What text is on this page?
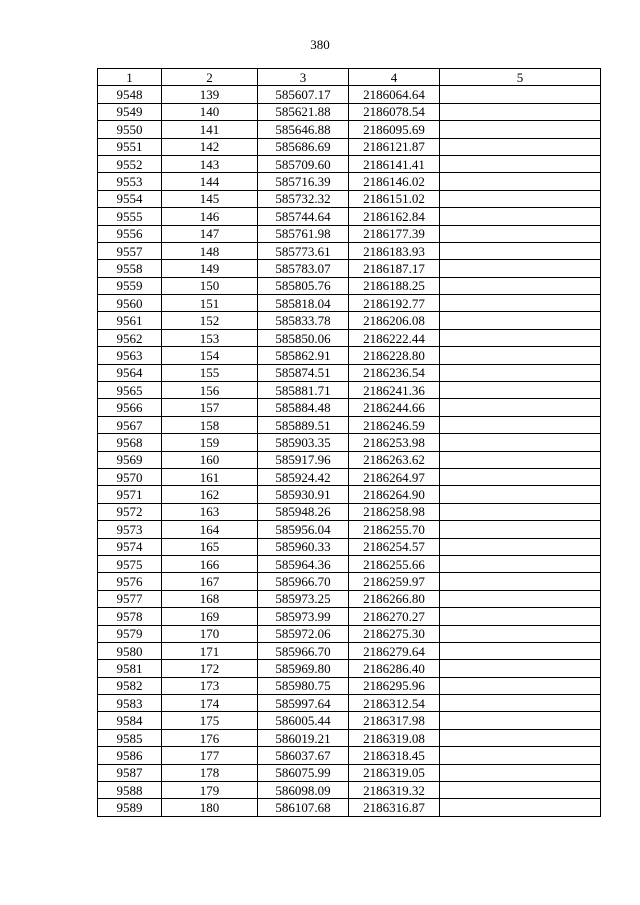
380
1	2	3	4	5
9548	139	585607.17	2186064.64	
9549	140	585621.88	2186078.54	
9550	141	585646.88	2186095.69	
9551	142	585686.69	2186121.87	
9552	143	585709.60	2186141.41	
9553	144	585716.39	2186146.02	
9554	145	585732.32	2186151.02	
9555	146	585744.64	2186162.84	
9556	147	585761.98	2186177.39	
9557	148	585773.61	2186183.93	
9558	149	585783.07	2186187.17	
9559	150	585805.76	2186188.25	
9560	151	585818.04	2186192.77	
9561	152	585833.78	2186206.08	
9562	153	585850.06	2186222.44	
9563	154	585862.91	2186228.80	
9564	155	585874.51	2186236.54	
9565	156	585881.71	2186241.36	
9566	157	585884.48	2186244.66	
9567	158	585889.51	2186246.59	
9568	159	585903.35	2186253.98	
9569	160	585917.96	2186263.62	
9570	161	585924.42	2186264.97	
9571	162	585930.91	2186264.90	
9572	163	585948.26	2186258.98	
9573	164	585956.04	2186255.70	
9574	165	585960.33	2186254.57	
9575	166	585964.36	2186255.66	
9576	167	585966.70	2186259.97	
9577	168	585973.25	2186266.80	
9578	169	585973.99	2186270.27	
9579	170	585972.06	2186275.30	
9580	171	585966.70	2186279.64	
9581	172	585969.80	2186286.40	
9582	173	585980.75	2186295.96	
9583	174	585997.64	2186312.54	
9584	175	586005.44	2186317.98	
9585	176	586019.21	2186319.08	
9586	177	586037.67	2186318.45	
9587	178	586075.99	2186319.05	
9588	179	586098.09	2186319.32	
9589	180	586107.68	2186316.87	
